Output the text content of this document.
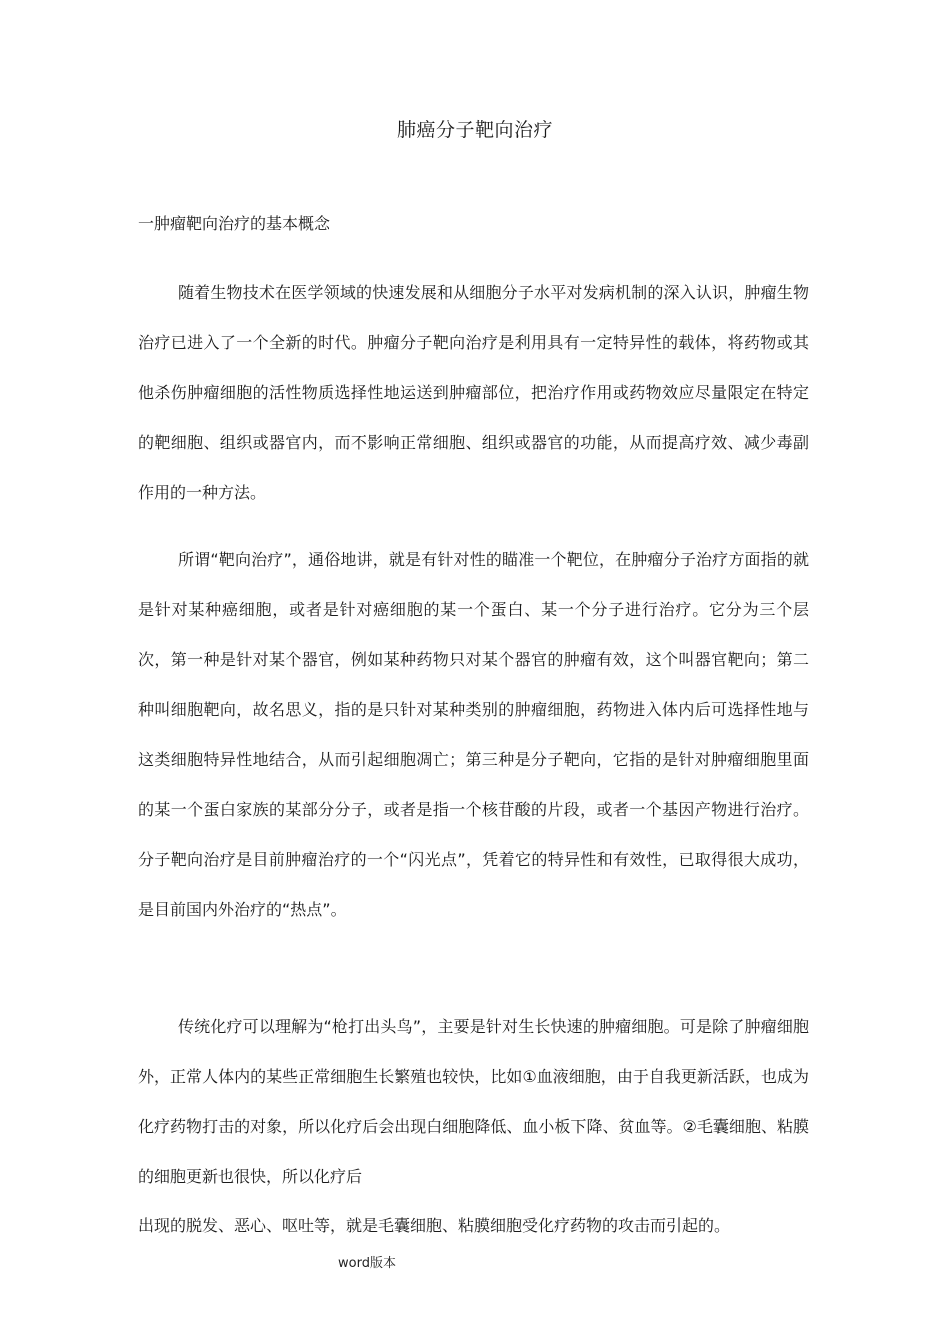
肺癌分子靶向治疗
一肿瘤靶向治疗的基本概念

随着生物技术在医学领域的快速发展和从细胞分子水平对发病机制的深入认识，肿瘤生物治疗已进入了一个全新的时代。肿瘤分子靶向治疗是利用具有一定特异性的载体，将药物或其他杀伤肿瘤细胞的活性物质选择性地运送到肿瘤部位，把治疗作用或药物效应尽量限定在特定的靶细胞、组织或器官内，而不影响正常细胞、组织或器官的功能，从而提高疗效、减少毒副作用的一种方法。

所谓“靶向治疗”，通俗地讲，就是有针对性的瞄准一个靶位，在肿瘤分子治疗方面指的就是针对某种癌细胞，或者是针对癌细胞的某一个蛋白、某一个分子进行治疗。它分为三个层次，第一种是针对某个器官，例如某种药物只对某个器官的肿瘤有效，这个叫器官靶向；第二种叫细胞靶向，故名思义，指的是只针对某种类别的肿瘤细胞，药物进入体内后可选择性地与这类细胞特异性地结合，从而引起细胞凋亡；第三种是分子靶向，它指的是针对肿瘤细胞里面的某一个蛋白家族的某部分分子，或者是指一个核苷酸的片段，或者一个基因产物进行治疗。分子靶向治疗是目前肿瘤治疗的一个“闪光点”，凭着它的特异性和有效性，已取得很大成功，是目前国内外治疗的“热点”。

传统化疗可以理解为“枪打出头鸟”，主要是针对生长快速的肿瘤细胞。可是除了肿瘤细胞外，正常人体内的某些正常细胞生长繁殖也较快，比如①血液细胞，由于自我更新活跃，也成为化疗药物打击的对象，所以化疗后会出现白细胞降低、血小板下降、贫血等。②毛囊细胞、粘膜的细胞更新也很快，所以化疗后

出现的脱发、恶心、呕吐等，就是毛囊细胞、粘膜细胞受化疗药物的攻击而引起的。
word版本
